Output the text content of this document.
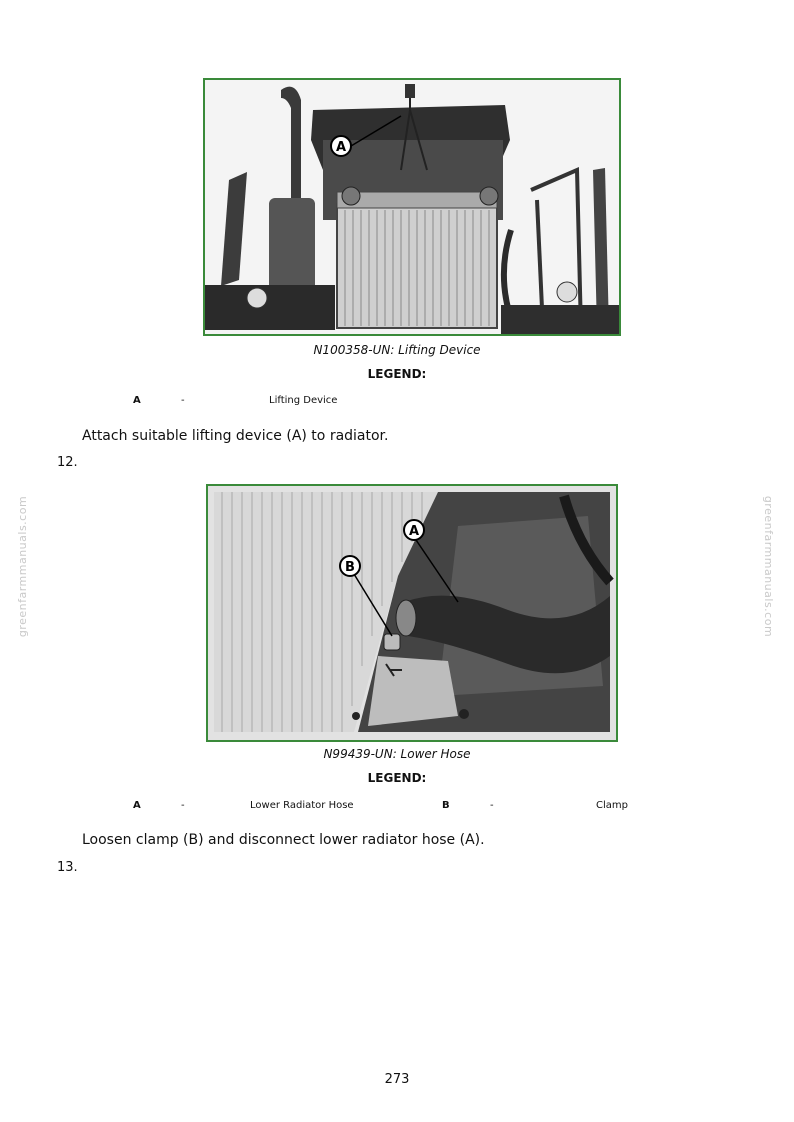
A
N100358-UN: Lifting Device
LEGEND:
A	-	Lifting Device
Attach suitable lifting device (A) to radiator.
12.
A
B
N99439-UN: Lower Hose
LEGEND:
A	-	Lower Radiator Hose	B	-	Clamp
Loosen clamp (B) and disconnect lower radiator hose (A).
13.
greenfarmmanuals.com	greenfarmmanuals.com
273
